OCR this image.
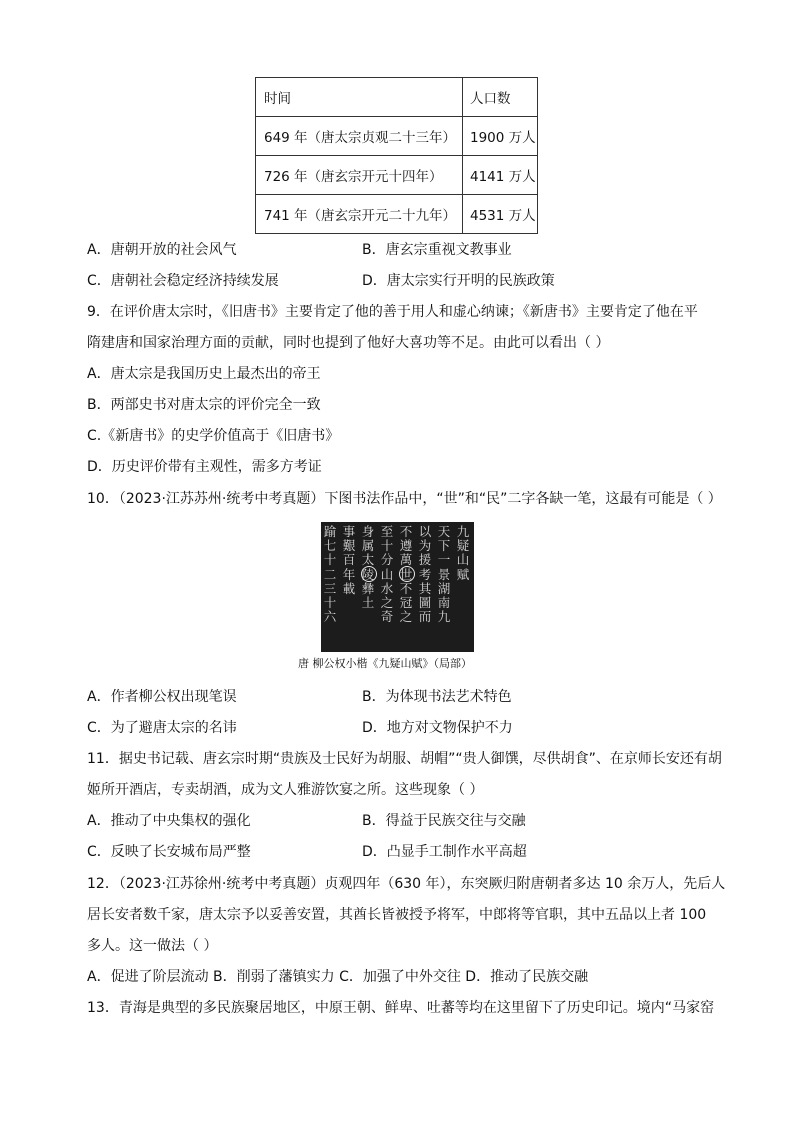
时间	人口数
649 年（唐太宗贞观二十三年）	1900 万人
726 年（唐玄宗开元十四年）	4141 万人
741 年（唐玄宗开元二十九年）	4531 万人
A．唐朝开放的社会风气	B．唐玄宗重视文教事业
C．唐朝社会稳定经济持续发展	D．唐太宗实行开明的民族政策
9．在评价唐太宗时，《旧唐书》主要肯定了他的善于用人和虚心纳谏；《新唐书》主要肯定了他在平
隋建唐和国家治理方面的贡献，同时也提到了他好大喜功等不足。由此可以看出（ ）
A．唐太宗是我国历史上最杰出的帝王
B．两部史书对唐太宗的评价完全一致
C.《新唐书》的史学价值高于《旧唐书》
D．历史评价带有主观性，需多方考证
10．（2023·江苏苏州·统考中考真题）下图书法作品中，“世”和“民”二字各缺一笔，这最有可能是（ ）
九疑山赋
天下一景湖南九
以为援考其圖而
不遵萬世不冠之
至十分山水之奇
身属太陵彝土
事艱百年載
踰七十二三十六
唐 柳公权小楷《九疑山赋》（局部）
A．作者柳公权出现笔误	B．为体现书法艺术特色
C．为了避唐太宗的名讳	D．地方对文物保护不力
11．据史书记载、唐玄宗时期“贵族及士民好为胡服、胡帽”“贵人御馔，尽供胡食”、在京师长安还有胡
姬所开酒店，专卖胡酒，成为文人雅游饮宴之所。这些现象（ ）
A．推动了中央集权的强化	B．得益于民族交往与交融
C．反映了长安城布局严整	D．凸显手工制作水平高超
12．（2023·江苏徐州·统考中考真题）贞观四年（630 年），东突厥归附唐朝者多达 10 余万人，先后人
居长安者数千家，唐太宗予以妥善安置，其酋长皆被授予将军，中郎将等官职，其中五品以上者 100
多人。这一做法（ ）
A．促进了阶层流动 B．削弱了藩镇实力 C．加强了中外交往 D．推动了民族交融
13．青海是典型的多民族聚居地区，中原王朝、鲜卑、吐蕃等均在这里留下了历史印记。境内“马家窑
